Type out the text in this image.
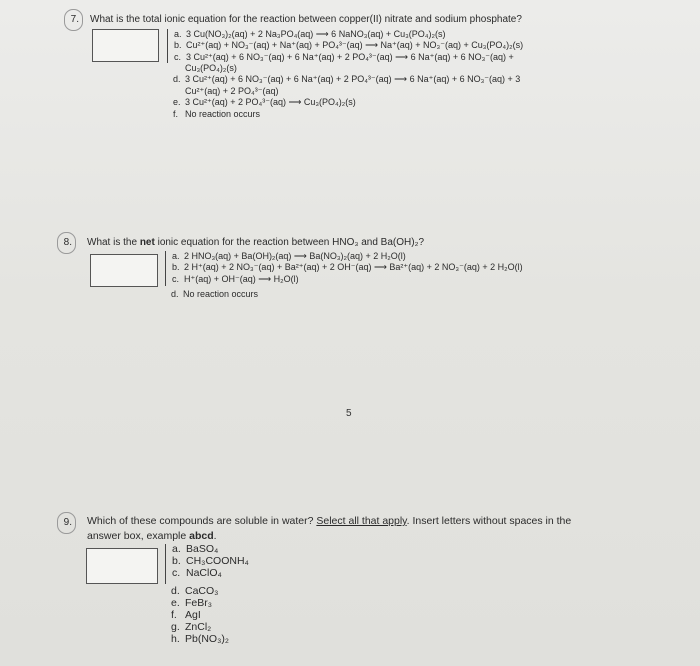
7.	What is the total ionic equation for the reaction between copper(II) nitrate and sodium phosphate?
a. 3 Cu(NO₃)₂(aq) + 2 Na₃PO₄(aq) ⟶ 6 NaNO₃(aq) + Cu₃(PO₄)₂(s)
b. Cu²⁺(aq) + NO₃⁻(aq) + Na⁺(aq) + PO₄³⁻(aq) ⟶ Na⁺(aq) + NO₃⁻(aq) + Cu₃(PO₄)₂(s)
c. 3 Cu²⁺(aq) + 6 NO₃⁻(aq) + 6 Na⁺(aq) + 2 PO₄³⁻(aq) ⟶ 6 Na⁺(aq) + 6 NO₃⁻(aq) +
Cu₃(PO₄)₂(s)
d. 3 Cu²⁺(aq) + 6 NO₃⁻(aq) + 6 Na⁺(aq) + 2 PO₄³⁻(aq) ⟶ 6 Na⁺(aq) + 6 NO₃⁻(aq) + 3
Cu²⁺(aq) + 2 PO₄³⁻(aq)
e. 3 Cu²⁺(aq) + 2 PO₄³⁻(aq) ⟶ Cu₃(PO₄)₂(s)
f. No reaction occurs
8.	What is the net ionic equation for the reaction between HNO₃ and Ba(OH)₂?
a. 2 HNO₃(aq) + Ba(OH)₂(aq) ⟶ Ba(NO₃)₂(aq) + 2 H₂O(l)
b. 2 H⁺(aq) + 2 NO₃⁻(aq) + Ba²⁺(aq) + 2 OH⁻(aq) ⟶ Ba²⁺(aq) + 2 NO₃⁻(aq) + 2 H₂O(l)
c. H⁺(aq) + OH⁻(aq) ⟶ H₂O(l)
d. No reaction occurs
5
9.	Which of these compounds are soluble in water? Select all that apply. Insert letters without spaces in the
answer box, example abcd.
a. BaSO₄
b. CH₃COONH₄
c. NaClO₄
d. CaCO₃
e. FeBr₃
f. AgI
g. ZnCl₂
h. Pb(NO₃)₂
